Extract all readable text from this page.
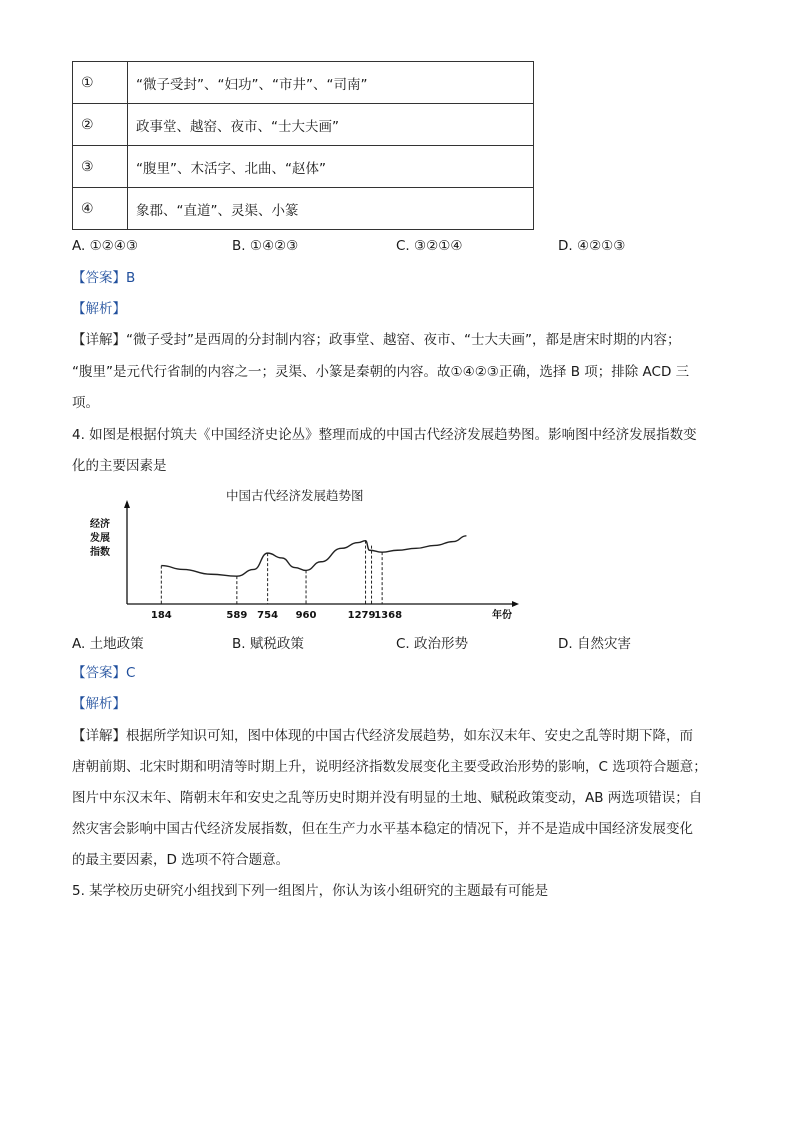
①	“微子受封”、“妇功”、“市井”、“司南”
②	政事堂、越窑、夜市、“士大夫画”
③	“腹里”、木活字、北曲、“赵体”
④	象郡、“直道”、灵渠、小篆
A. ①②④③	B. ①④②③	C. ③②①④	D. ④②①③
【答案】B
【解析】
【详解】“微子受封”是西周的分封制内容；政事堂、越窑、夜市、“士大夫画”，都是唐宋时期的内容；
“腹里”是元代行省制的内容之一；灵渠、小篆是秦朝的内容。故①④②③正确，选择 B 项；排除 ACD 三
项。
4. 如图是根据付筑夫《中国经济史论丛》整理而成的中国古代经济发展趋势图。影响图中经济发展指数变
化的主要因素是
中国古代经济发展趋势图
经济
发展
指数
年份
184	589 754 960	1279
1368
A. 土地政策	B. 赋税政策	C. 政治形势	D. 自然灾害
【答案】C
【解析】
【详解】根据所学知识可知，图中体现的中国古代经济发展趋势，如东汉末年、安史之乱等时期下降，而
唐朝前期、北宋时期和明清等时期上升，说明经济指数发展变化主要受政治形势的影响，C 选项符合题意；
图片中东汉末年、隋朝末年和安史之乱等历史时期并没有明显的土地、赋税政策变动，AB 两选项错误；自
然灾害会影响中国古代经济发展指数，但在生产力水平基本稳定的情况下，并不是造成中国经济发展变化
的最主要因素，D 选项不符合题意。
5. 某学校历史研究小组找到下列一组图片，你认为该小组研究的主题最有可能是
